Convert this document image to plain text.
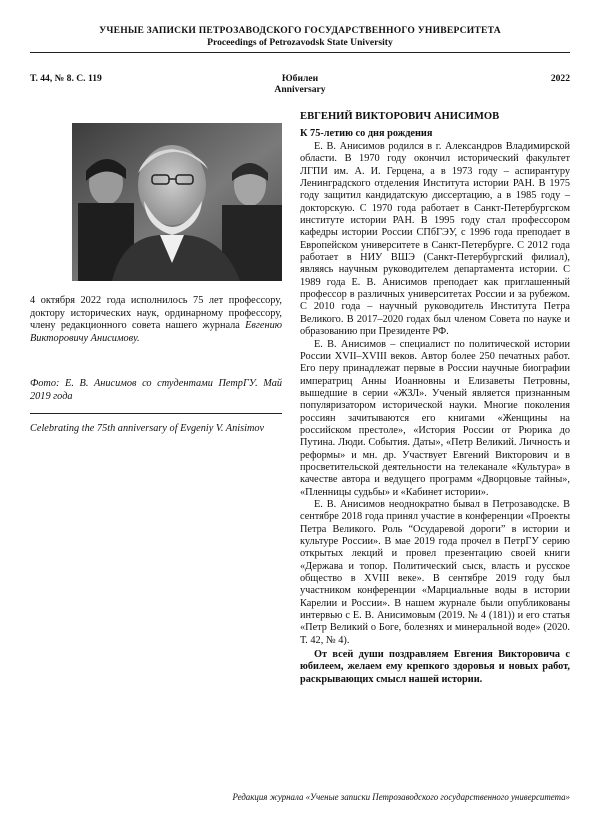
УЧЕНЫЕ ЗАПИСКИ ПЕТРОЗАВОДСКОГО ГОСУДАРСТВЕННОГО УНИВЕРСИТЕТА
Proceedings of Petrozavodsk State University
Т. 44, № 8. С. 119	Юбилеи
Anniversary
2022
4 октября 2022 года исполнилось 75 лет профессору, доктору исторических наук, ординарному профессору, члену редакционного совета нашего журнала Евгению Викторовичу Анисимову.
Фото: Е. В. Анисимов со студентами ПетрГУ. Май 2019 года
Celebrating the 75th anniversary of Evgeniy V. Anisimov
ЕВГЕНИЙ ВИКТОРОВИЧ АНИСИМОВ
К 75-летию со дня рождения

Е. В. Анисимов родился в г. Александров Владимирской области. В 1970 году окончил исторический факультет ЛГПИ им. А. И. Герцена, а в 1973 году – аспирантуру Ленинградского отделения Института истории РАН. В 1975 году защитил кандидатскую диссертацию, а в 1985 году – докторскую. С 1970 года работает в Санкт-Петербургском институте истории РАН. В 1995 году стал профессором кафедры истории России СПбГЭУ, с 1996 года преподает в Европейском университете в Санкт-Петербурге. С 2012 года работает в НИУ ВШЭ (Санкт-Петербургский филиал), являясь научным руководителем департамента истории. С 1989 года Е. В. Анисимов преподает как приглашенный профессор в различных университетах России и за рубежом. С 2010 года – научный руководитель Института Петра Великого. В 2017–2020 годах был членом Совета по науке и образованию при Президенте РФ.

Е. В. Анисимов – специалист по политической истории России XVII–XVIII веков. Автор более 250 печатных работ. Его перу принадлежат первые в России научные биографии императриц Анны Иоанновны и Елизаветы Петровны, вышедшие в серии «ЖЗЛ». Ученый является признанным популяризатором исторической науки. Многие поколения россиян зачитываются его книгами «Женщины на российском престоле», «История России от Рюрика до Путина. Люди. События. Даты», «Петр Великий. Личность и реформы» и мн. др. Участвует Евгений Викторович и в просветительской деятельности на телеканале «Культура» в качестве автора и ведущего программ «Дворцовые тайны», «Пленницы судьбы» и «Кабинет истории».

Е. В. Анисимов неоднократно бывал в Петрозаводске. В сентябре 2018 года принял участие в конференции «Проекты Петра Великого. Роль “Осударевой дороги” в истории и культуре России». В мае 2019 года прочел в ПетрГУ серию открытых лекций и провел презентацию своей книги «Держава и топор. Политический сыск, власть и русское общество в XVIII веке». В сентябре 2019 году был участником конференции «Марциальные воды в истории Карелии и России». В нашем журнале были опубликованы интервью с Е. В. Анисимовым (2019. № 4 (181)) и его статья «Петр Великий о Боге, болезнях и минеральной воде» (2020. Т. 42, № 4).

От всей души поздравляем Евгения Викторовича с юбилеем, желаем ему крепкого здоровья и новых работ, раскрывающих смысл нашей истории.

Редакция журнала «Ученые записки Петрозаводского государственного университета»
